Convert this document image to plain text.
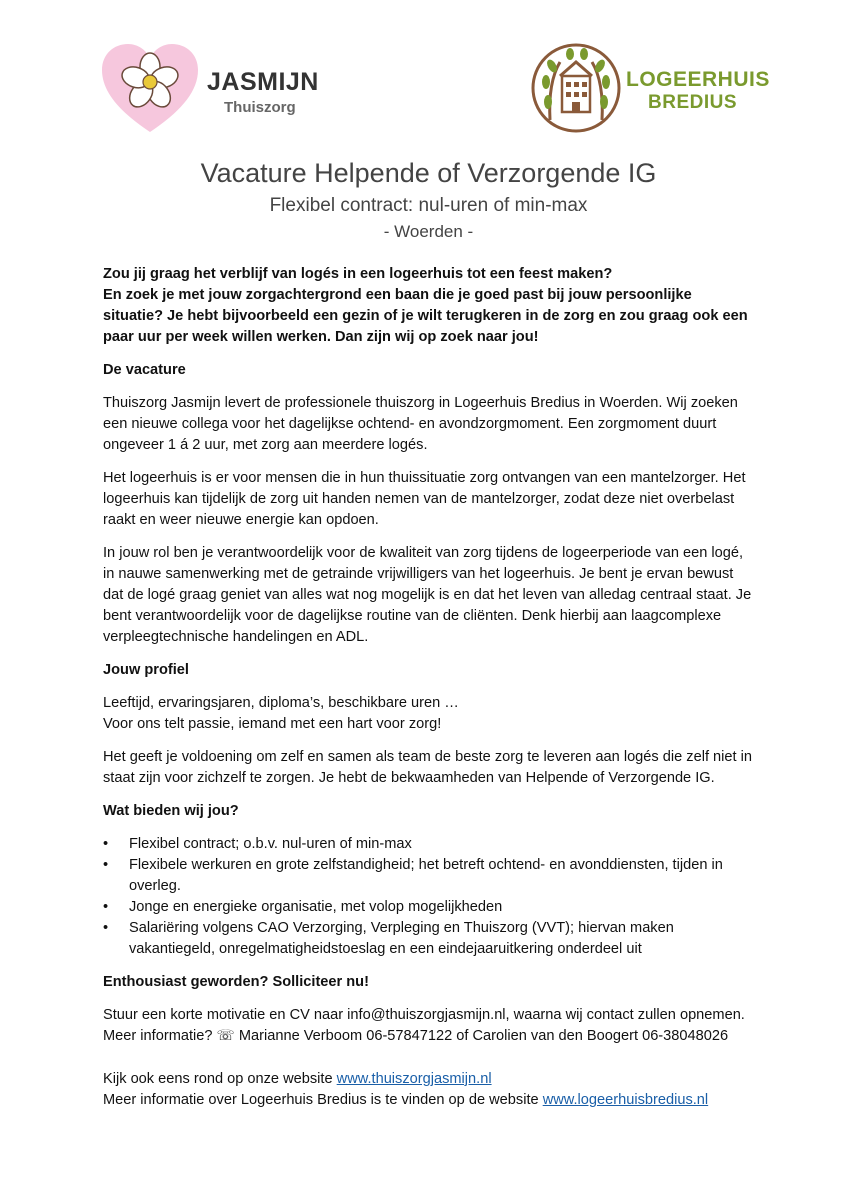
JASMIJN
Thuiszorg
LOGEERHUIS
BREDIUS
Vacature Helpende of Verzorgende IG
Flexibel contract: nul-uren of min-max
- Woerden -

Zou jij graag het verblijf van logés in een logeerhuis tot een feest maken?
En zoek je met jouw zorgachtergrond een baan die je goed past bij jouw persoonlijke situatie? Je hebt bijvoorbeeld een gezin of je wilt terugkeren in de zorg en zou graag ook een paar uur per week willen werken. Dan zijn wij op zoek naar jou!

De vacature

Thuiszorg Jasmijn levert de professionele thuiszorg in Logeerhuis Bredius in Woerden. Wij zoeken een nieuwe collega voor het dagelijkse ochtend- en avondzorgmoment. Een zorgmoment duurt ongeveer 1 á 2 uur, met zorg aan meerdere logés.

Het logeerhuis is er voor mensen die in hun thuissituatie zorg ontvangen van een mantelzorger. Het logeerhuis kan tijdelijk de zorg uit handen nemen van de mantelzorger, zodat deze niet overbelast raakt en weer nieuwe energie kan opdoen.

In jouw rol ben je verantwoordelijk voor de kwaliteit van zorg tijdens de logeerperiode van een logé, in nauwe samenwerking met de getrainde vrijwilligers van het logeerhuis. Je bent je ervan bewust dat de logé graag geniet van alles wat nog mogelijk is en dat het leven van alledag centraal staat. Je bent verantwoordelijk voor de dagelijkse routine van de cliënten. Denk hierbij aan laagcomplexe verpleegtechnische handelingen en ADL.

Jouw profiel

Leeftijd, ervaringsjaren, diploma’s, beschikbare uren …
Voor ons telt passie, iemand met een hart voor zorg!

Het geeft je voldoening om zelf en samen als team de beste zorg te leveren aan logés die zelf niet in staat zijn voor zichzelf te zorgen. Je hebt de bekwaamheden van Helpende of Verzorgende IG.

Wat bieden wij jou?
• Flexibel contract; o.b.v. nul-uren of min-max
• Flexibele werkuren en grote zelfstandigheid; het betreft ochtend- en avonddiensten, tijden in overleg.
• Jonge en energieke organisatie, met volop mogelijkheden
• Salariëring volgens CAO Verzorging, Verpleging en Thuiszorg (VVT); hiervan maken vakantiegeld, onregelmatigheidstoeslag en een eindejaaruitkering onderdeel uit
Enthousiast geworden? Solliciteer nu!

Stuur een korte motivatie en CV naar info@thuiszorgjasmijn.nl, waarna wij contact zullen opnemen.
Meer informatie? ☏ Marianne Verboom 06-57847122 of Carolien van den Boogert 06-38048026

Kijk ook eens rond op onze website www.thuiszorgjasmijn.nl
Meer informatie over Logeerhuis Bredius is te vinden op de website www.logeerhuisbredius.nl
